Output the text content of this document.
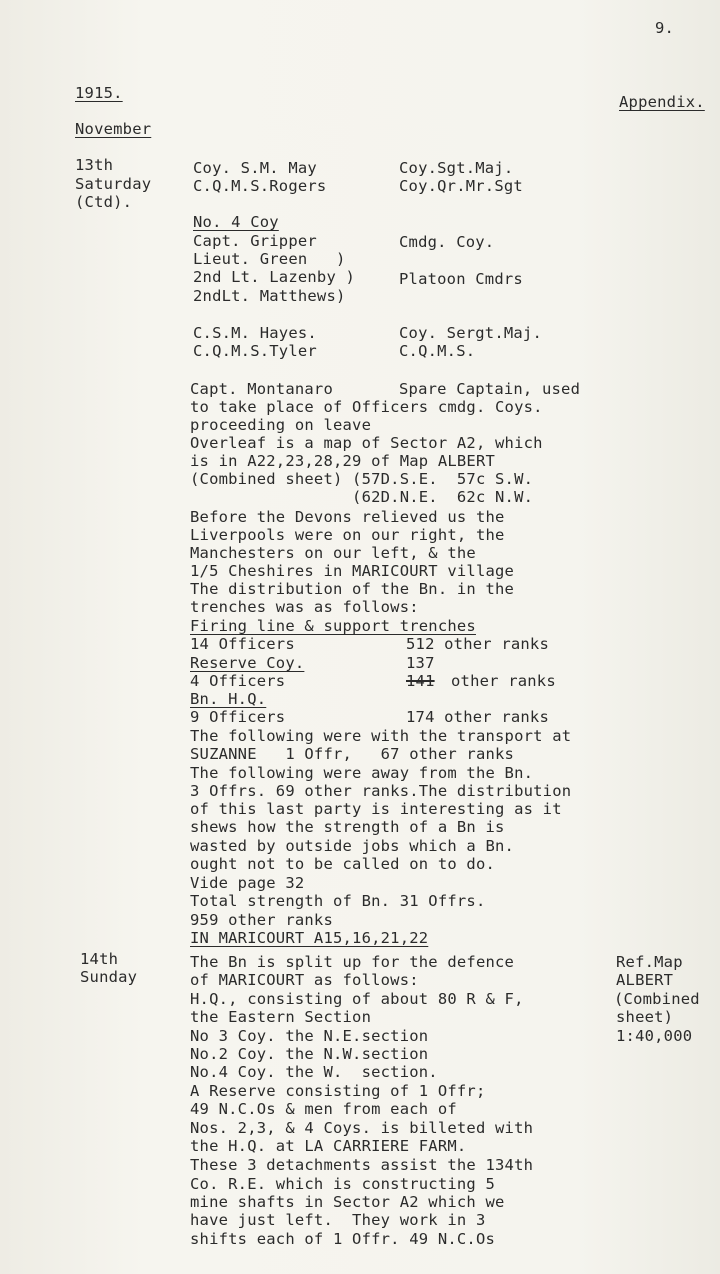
9.
1915.	Appendix.
November
13th
Saturday
(Ctd).
Coy. S.M. May	Coy.Sgt.Maj.
C.Q.M.S.Rogers	Coy.Qr.Mr.Sgt
No. 4 Coy
Capt. Gripper	Cmdg. Coy.
Lieut. Green   )
2nd Lt. Lazenby )	Platoon Cmdrs
2ndLt. Matthews)
C.S.M. Hayes.	Coy. Sergt.Maj.
C.Q.M.S.Tyler	C.Q.M.S.
Capt. Montanaro	Spare Captain, used
to take place of Officers cmdg. Coys.
proceeding on leave
Overleaf is a map of Sector A2, which
is in A22,23,28,29 of Map ALBERT
(Combined sheet) (57D.S.E.  57c S.W.
(62D.N.E.  62c N.W.
Before the Devons relieved us the
Liverpools were on our right, the
Manchesters on our left, & the
1/5 Cheshires in MARICOURT village
The distribution of the Bn. in the
trenches was as follows:
Firing line & support trenches
14 Officers	512 other ranks
Reserve Coy.	137
4 Officers	141 other ranks
Bn. H.Q.
9 Officers	174 other ranks
The following were with the transport at
SUZANNE   1 Offr,   67 other ranks
The following were away from the Bn.
3 Offrs. 69 other ranks.The distribution
of this last party is interesting as it
shews how the strength of a Bn is
wasted by outside jobs which a Bn.
ought not to be called on to do.
Vide page 32
Total strength of Bn. 31 Offrs.
959 other ranks
IN MARICOURT A15,16,21,22
14th
Sunday
The Bn is split up for the defence
of MARICOURT as follows:
H.Q., consisting of about 80 R & F,
the Eastern Section
No 3 Coy. the N.E.section
No.2 Coy. the N.W.section
No.4 Coy. the W.  section.
A Reserve consisting of 1 Offr;
49 N.C.Os & men from each of
Nos. 2,3, & 4 Coys. is billeted with
the H.Q. at LA CARRIERE FARM.
These 3 detachments assist the 134th
Co. R.E. which is constructing 5
mine shafts in Sector A2 which we
have just left.  They work in 3
shifts each of 1 Offr. 49 N.C.Os
Ref.Map
ALBERT
(Combined
sheet)
1:40,000
